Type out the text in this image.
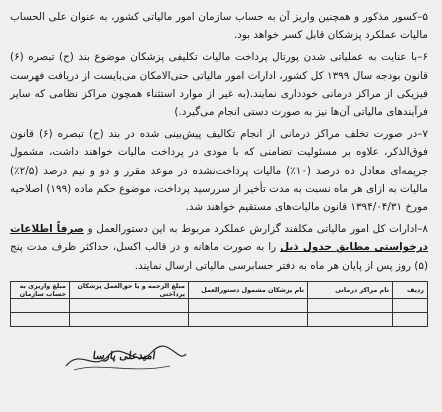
۵–کسور مذکور و همچنین واریز آن به حساب سازمان امور مالیاتی کشور، به عنوان علی الحساب مالیات عملکرد پزشکان قابل کسر خواهد بود.

۶–با عنایت به عملیاتی شدن پورتال پرداخت مالیات تکلیفی پزشکان موضوع بند (ح) تبصره (۶) قانون بودجه سال ۱۳۹۹ کل کشور، ادارات امور مالیاتی حتی‌الامکان می‌بایست از دریافت فهرست فیزیکی از مراکز درمانی خودداری نمایند.(به غیر از موارد استثناء همچون مراکز نظامی که سایر فرآیندهای مالیاتی آن‌ها نیز به صورت دستی انجام می‌گیرد.)

۷–در صورت تخلف مراکز درمانی از انجام تکالیف پیش‌بینی شده در بند (ح) تبصره (۶) قانون فوق‌الذکر، علاوه بر مسئولیت تضامنی که با مودی در پرداخت مالیات خواهند داشت، مشمول جریمه‌ای معادل ده درصد (۱۰٪) مالیات پرداخت‌نشده در موعد مقرر و دو و نیم درصد (۲/۵٪) مالیات به ازای هر ماه نسبت به مدت تأخیر از سررسید پرداخت، موضوع حکم ماده (۱۹۹) اصلاحیه مورخ ۱۳۹۴/۰۴/۳۱ قانون مالیات‌های مستقیم خواهند شد.

۸–ادارات کل امور مالیاتی مکلفند گزارش عملکرد مربوط به این دستورالعمل و صرفاً اطلاعات درخواستی مطابق جدول ذیل را به صورت ماهانه و در قالب اکسل، حداکثر ظرف مدت پنج (۵) روز پس از پایان هر ماه به دفتر حسابرسی مالیاتی ارسال نمایند.

ردیف	نام مراکز درمانی	نام پزشکان مشمول دستورالعمل	مبلغ الزحمه و یا حق‌العمل پزشکان پرداختی	مبلغ واریزی به حساب سازمان

امیدعلی پارسا
